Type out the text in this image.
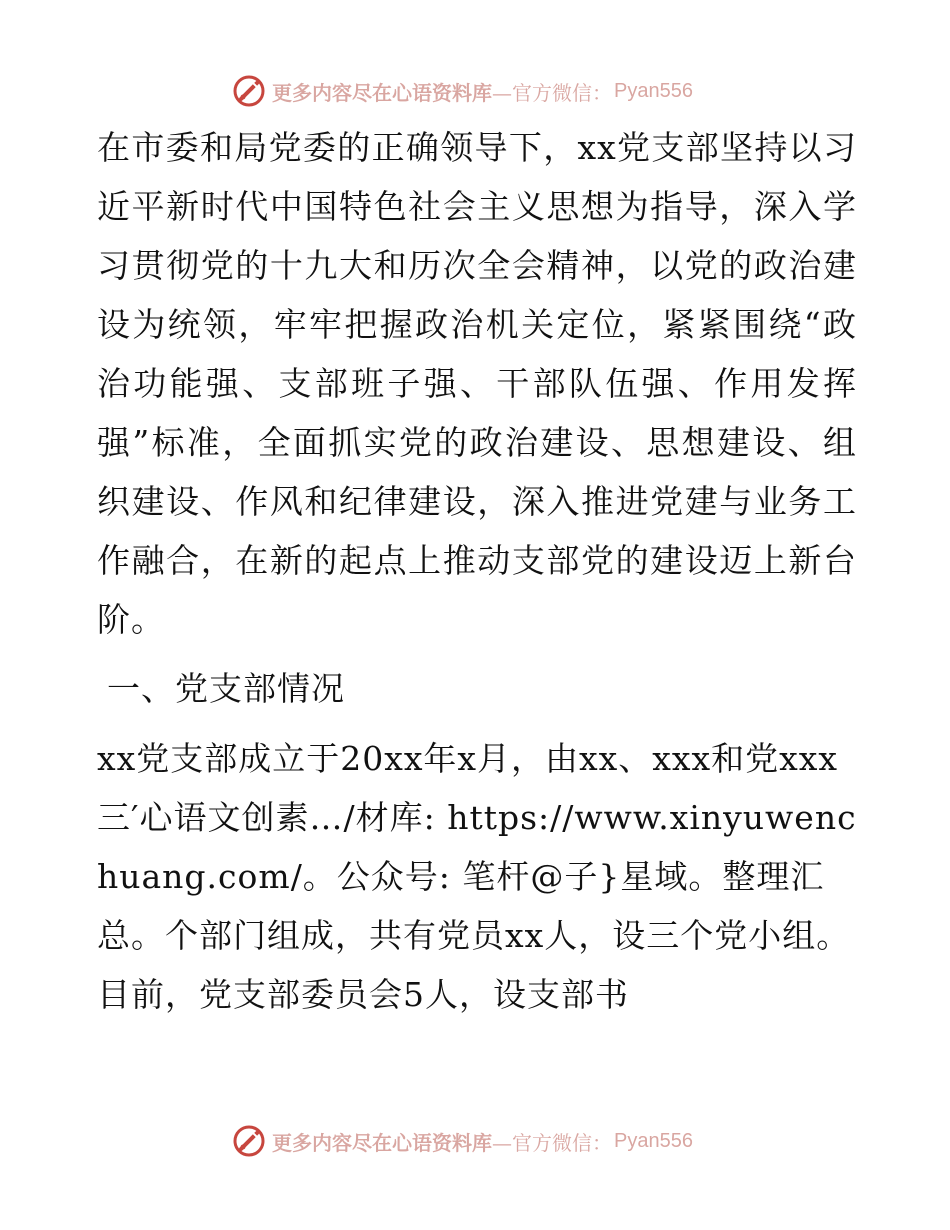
更多内容尽在心语资料库 —官方微信： Pyan556

在市委和局党委的正确领导下，xx党支部坚持以习近平新时代中国特色社会主义思想为指导，深入学习贯彻党的十九大和历次全会精神，以党的政治建设为统领，牢牢把握政治机关定位，紧紧围绕“政治功能强、支部班子强、干部队伍强、作用发挥强”标准，全面抓实党的政治建设、思想建设、组织建设、作风和纪律建设，深入推进党建与业务工作融合，在新的起点上推动支部党的建设迈上新台阶。

一、党支部情况

xx党支部成立于20xx年x月，由xx、xxx和党xxx三′心语文创素…/材库: https://www.xinyuwenchuang.com/。公众号: 笔杆@子}星域。整理汇总。个部门组成，共有党员xx人，设三个党小组。目前，党支部委员会5人，设支部书

更多内容尽在心语资料库 —官方微信： Pyan556
